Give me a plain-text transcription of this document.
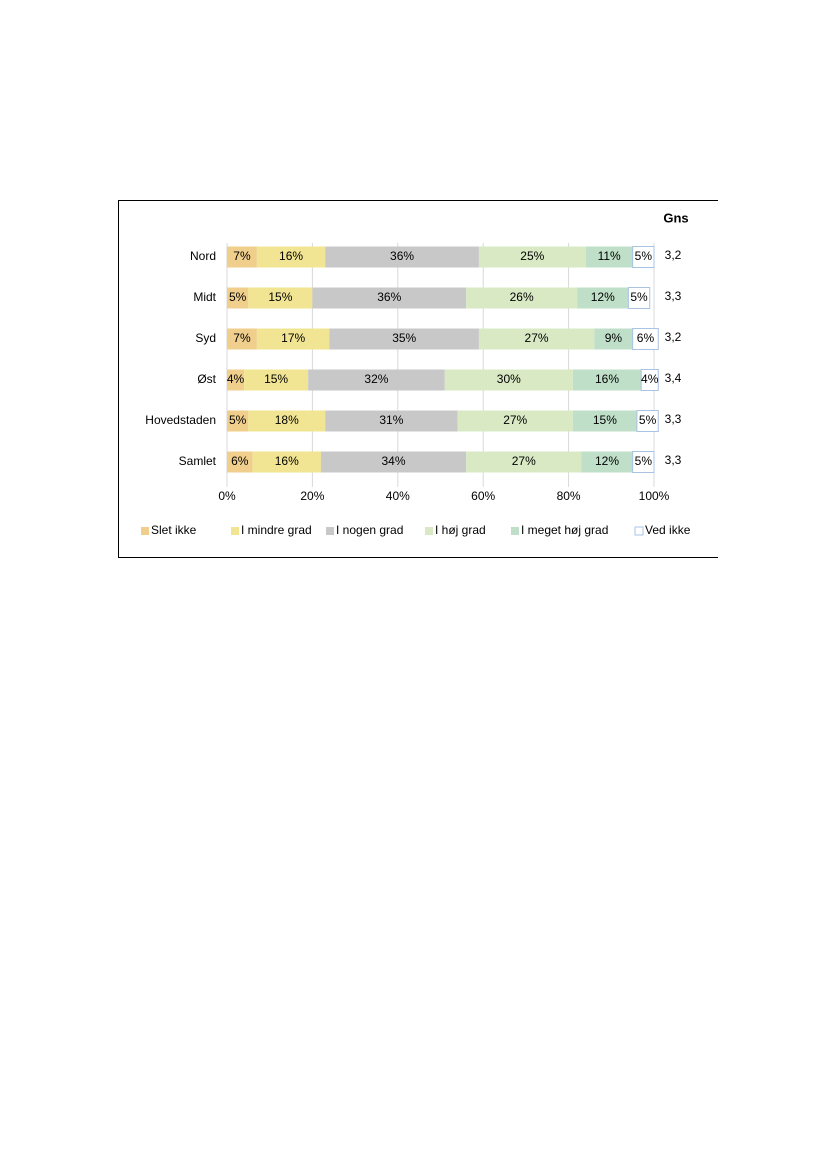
0%	20%	40%	60%	80%	100%
Gns
Nord 7% 16%	36%	25%	11% 5% 3,2
Midt 5% 15%	36%	26%	12% 5% 3,3
Syd 7%	17%	35%	27%	9% 6% 3,2
Øst 4% 15%	32%	30%	16% 4% 3,4
Hovedstaden 5% 18%	31%	27%	15% 5% 3,3
Samlet 6% 16%	34%	27%	12% 5% 3,3
Slet ikke	I mindre grad I nogen grad	I høj grad	I meget høj grad	Ved ikke
